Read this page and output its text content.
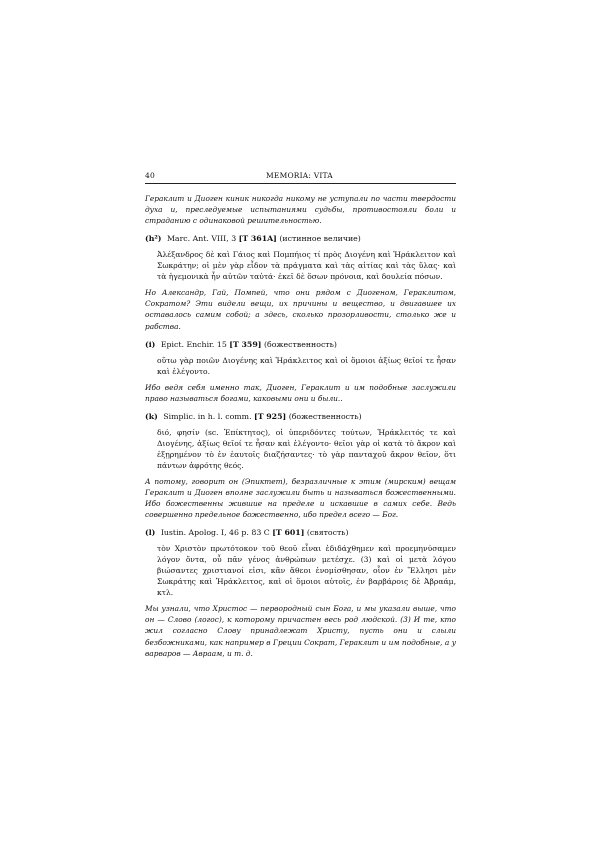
40	MEMORIA: VITA

Гераклит и Диоген киник никогда никому не уступали по части твердости духа и, преследуемые испытаниями судьбы, противостояли боли и страданию с одинаковой решительностью.

(h²) Marc. Ant. VIII, 3 [T 361A] (истинное величие)
Ἀλέξανδρος δὲ καὶ Γάιος καὶ Πομπήιος τί πρὸς Διογένη καὶ Ἡράκλειτον καὶ Σωκράτην; οἱ μὲν γὰρ εἶδον τὰ πράγματα καὶ τὰς αἰτίας καὶ τὰς ὕλας· καὶ τὰ ἡγεμονικὰ ἦν αὐτῶν ταὐτά· ἐκεῖ δὲ ὅσων πρόνοια, καὶ δουλεία πόσων.

Но Александр, Гай, Помпей, что они рядом с Диогеном, Гераклитом, Сократом? Эти видели вещи, их причины и вещество, и двигавшее их оставалось самим собой; а здесь, сколько прозорливости, столько же и рабства.

(i) Epict. Enchir. 15 [T 359] (божественность)
οὕτω γὰρ ποιῶν Διογένης καὶ Ἡράκλειτος καὶ οἱ ὅμοιοι ἀξίως θεῖοί τε ἦσαν καὶ ἐλέγοντο.

Ибо ведя себя именно так, Диоген, Гераклит и им подобные заслужили право называться богами, каковыми они и были..

(k) Simplic. in h. l. comm. [T 925] (божественность)
διό, φησίν (sc. Ἐπίκτητος), οἱ ὑπεριδόντες τούτων, Ἡράκλειτός τε καὶ Διογένης, ἀξίως θεῖοί τε ἦσαν καὶ ἐλέγοντο· θεῖοι γὰρ οἱ κατὰ τὸ ἄκρον καὶ ἐξῃρημένον τὸ ἐν ἑαυτοῖς διαζήσαντες· τὸ γὰρ πανταχοῦ ἄκρον θεῖον, ὅτι πάντων ἀφρότης θεός.

А потому, говорит он (Эпиктет), безразличные к этим (мирским) вещам Гераклит и Диоген вполне заслужили быть и называться божественными. Ибо божественны жившие на пределе и искавшие в самих себе. Ведь совершенно предельное божественно, ибо предел всего — Бог.

(l) Iustin. Apolog. I, 46 p. 83 C [T 601] (святость)
τὸν Χριστὸν πρωτότοκον τοῦ θεοῦ εἶναι ἐδιδάχθημεν καὶ προεμηνύσαμεν λόγον ὄντα, οὗ πᾶν γένος ἀνθρώπων μετέσχε. (3) καὶ οἱ μετὰ λόγου βιώσαντες χριστιανοί εἰσι, κἂν ἄθεοι ἐνομίσθησαν, οἷον ἐν Ἕλλησι μὲν Σωκράτης καὶ Ἡράκλειτος, καὶ οἱ ὅμοιοι αὐτοῖς, ἐν βαρβάροις δὲ Ἀβραάμ, κτλ.

Мы узнали, что Христос — первородный сын Бога, и мы указали выше, что он — Слово (логос), к которому причастен весь род людской. (3) И те, кто жил согласно Слову принадлежат Христу, пусть они и слыли безбожниками, как например в Греции Сократ, Гераклит и им подобные, а у варваров — Авраам, и т. д.
